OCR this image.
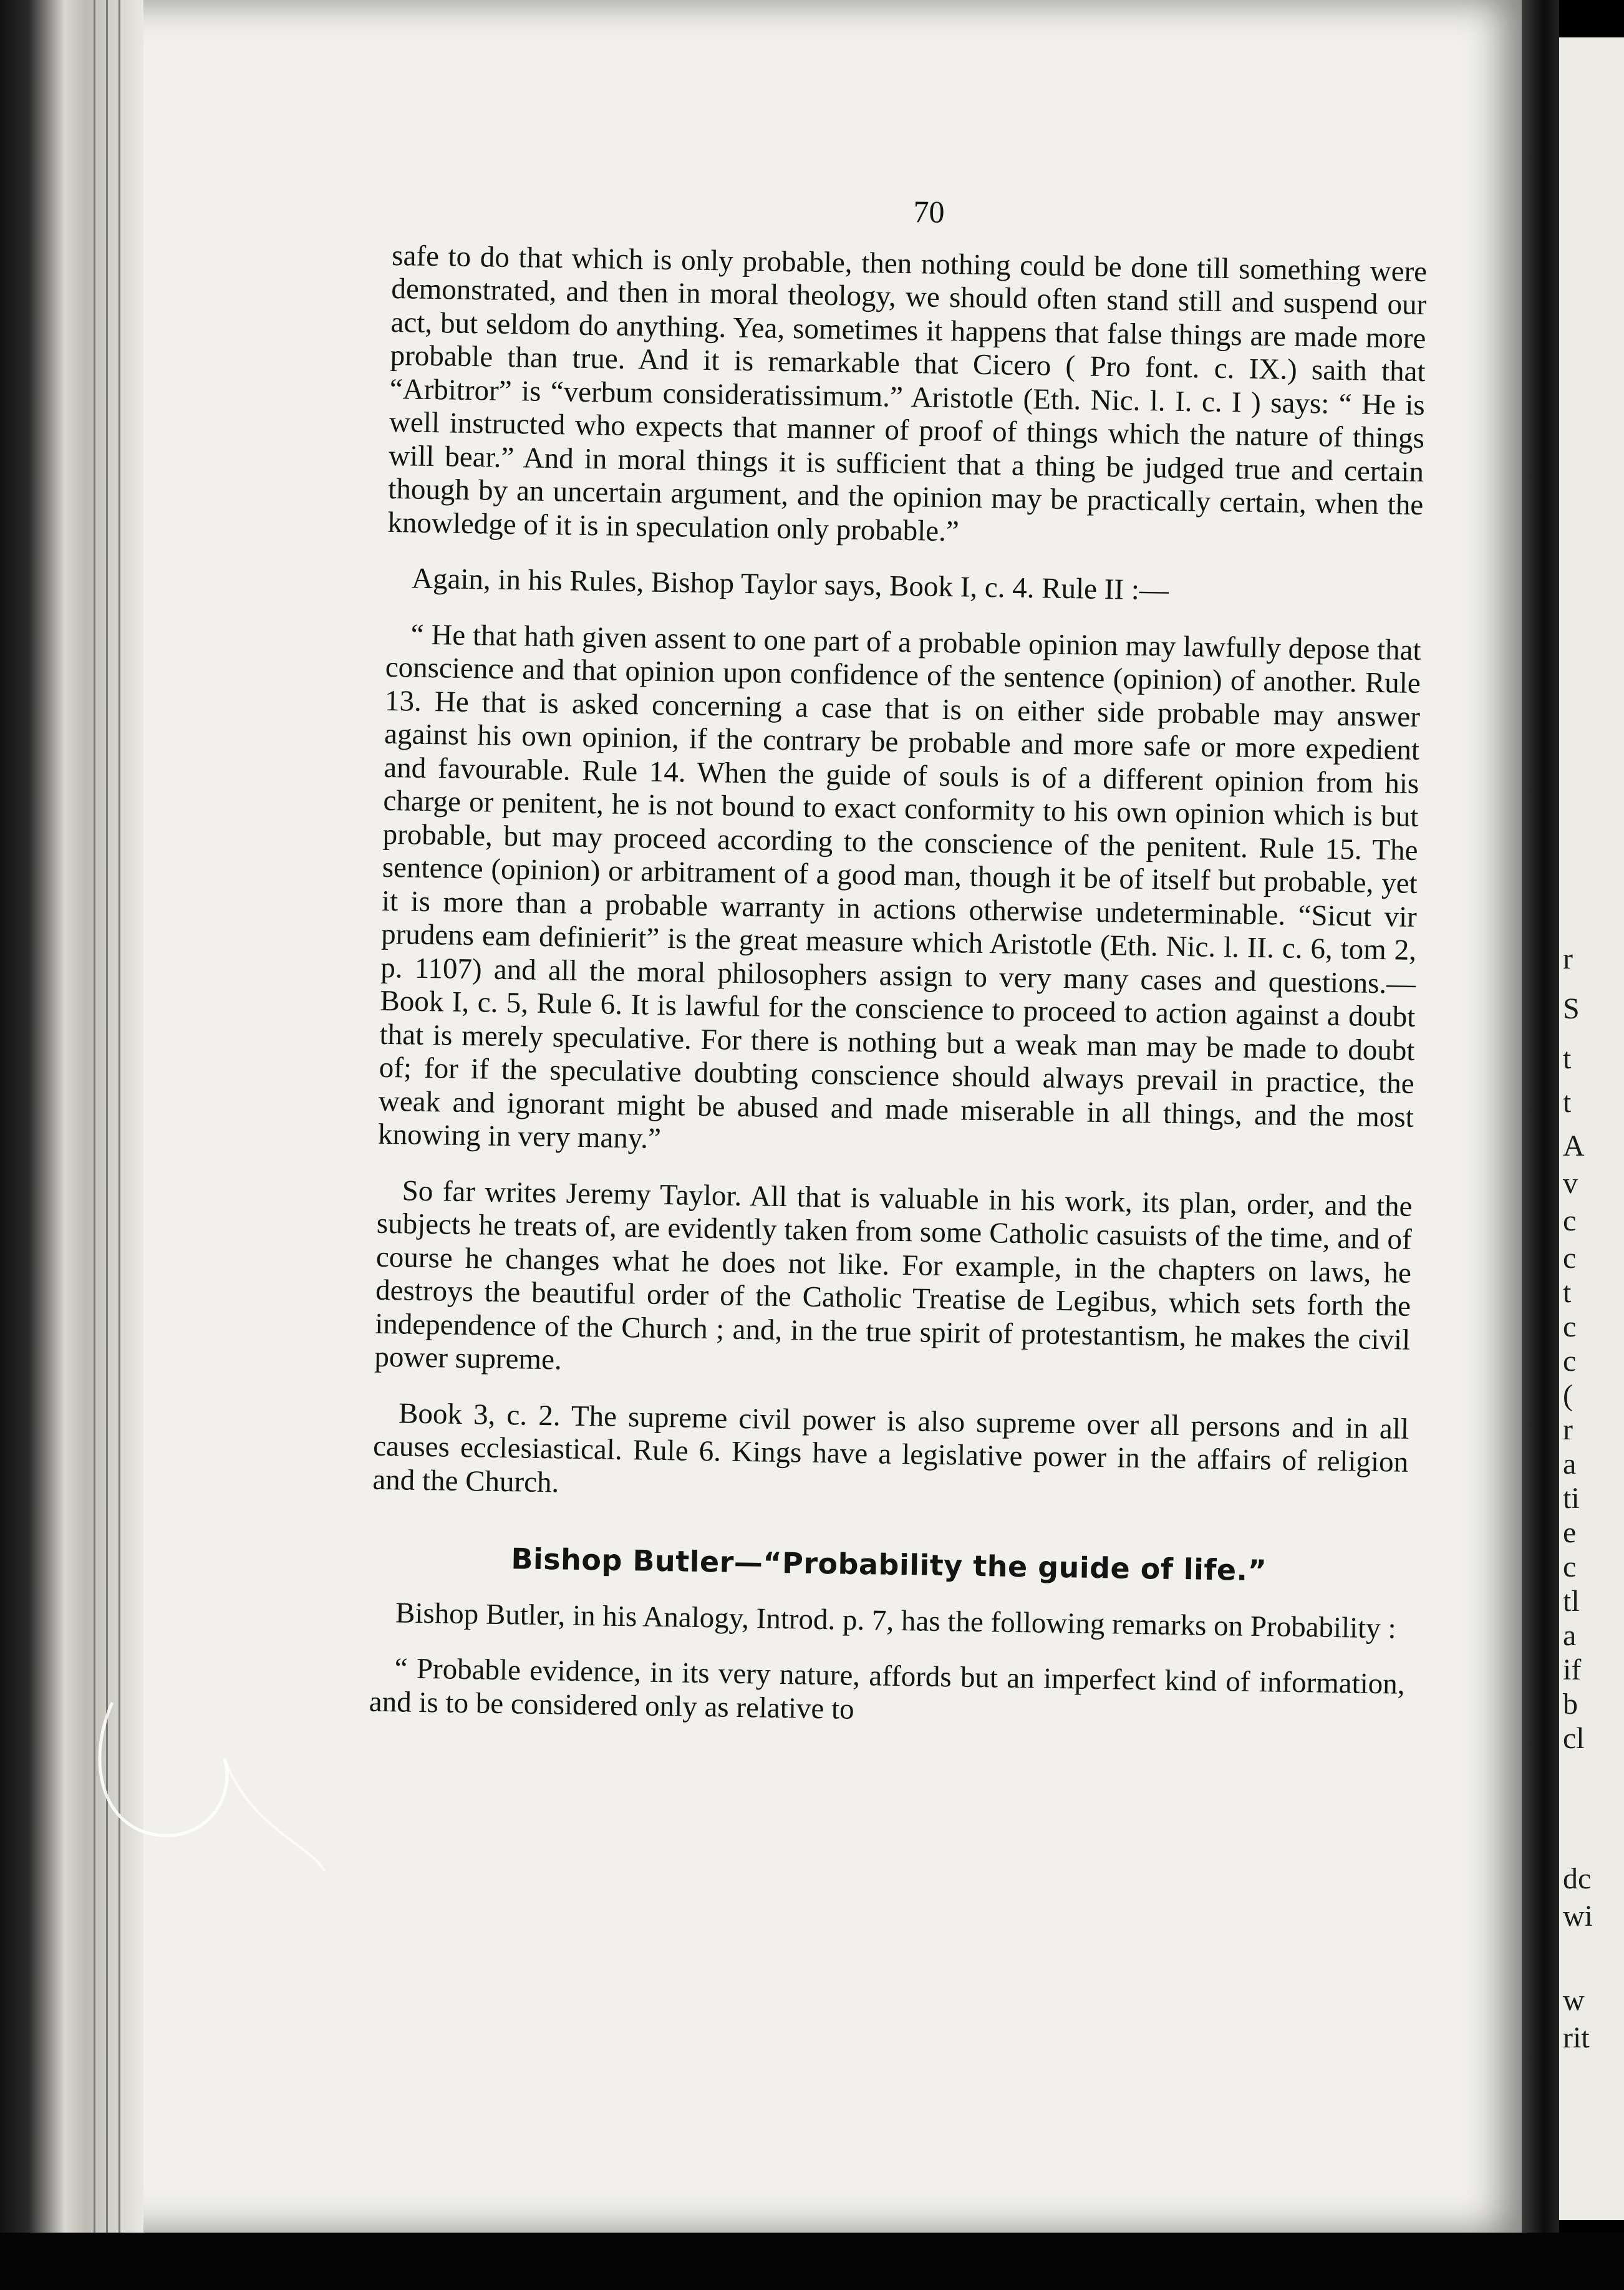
r
S
t
t
A
v
c
c
t
c
c
(
r
a
ti
e
c
tl
a
if
b
cl
dc
wi
w
rit
70

safe to do that which is only probable, then nothing could be done till something were demonstrated, and then in moral theology, we should often stand still and suspend our act, but seldom do anything. Yea, sometimes it happens that false things are made more probable than true. And it is remarkable that Cicero ( Pro font. c. IX.) saith that “Arbitror” is “verbum consideratissimum.” Aristotle (Eth. Nic. l. I. c. I ) says: “ He is well instructed who expects that manner of proof of things which the nature of things will bear.” And in moral things it is sufficient that a thing be judged true and certain though by an uncertain argument, and the opinion may be practically certain, when the knowledge of it is in speculation only probable.”

Again, in his Rules, Bishop Taylor says, Book I, c. 4. Rule II :—

“ He that hath given assent to one part of a probable opinion may lawfully depose that conscience and that opinion upon confidence of the sentence (opinion) of another. Rule 13. He that is asked concerning a case that is on either side probable may answer against his own opinion, if the contrary be probable and more safe or more expedient and favourable. Rule 14. When the guide of souls is of a different opinion from his charge or penitent, he is not bound to exact conformity to his own opinion which is but probable, but may proceed according to the conscience of the penitent. Rule 15. The sentence (opinion) or arbitrament of a good man, though it be of itself but probable, yet it is more than a probable warranty in actions otherwise undeterminable. “Sicut vir prudens eam definierit” is the great measure which Aristotle (Eth. Nic. l. II. c. 6, tom 2, p. 1107) and all the moral philosophers assign to very many cases and questions.—Book I, c. 5, Rule 6. It is lawful for the conscience to proceed to action against a doubt that is merely speculative. For there is nothing but a weak man may be made to doubt of; for if the speculative doubting conscience should always prevail in practice, the weak and ignorant might be abused and made miserable in all things, and the most knowing in very many.”

So far writes Jeremy Taylor. All that is valuable in his work, its plan, order, and the subjects he treats of, are evidently taken from some Catholic casuists of the time, and of course he changes what he does not like. For example, in the chapters on laws, he destroys the beautiful order of the Catholic Treatise de Legibus, which sets forth the independence of the Church ; and, in the true spirit of protestantism, he makes the civil power supreme.

Book 3, c. 2. The supreme civil power is also supreme over all persons and in all causes ecclesiastical. Rule 6. Kings have a legislative power in the affairs of religion and the Church.

Bishop Butler—“Probability the guide of life.”

Bishop Butler, in his Analogy, Introd. p. 7, has the following remarks on Probability :

“ Probable evidence, in its very nature, affords but an imperfect kind of information, and is to be considered only as relative to
